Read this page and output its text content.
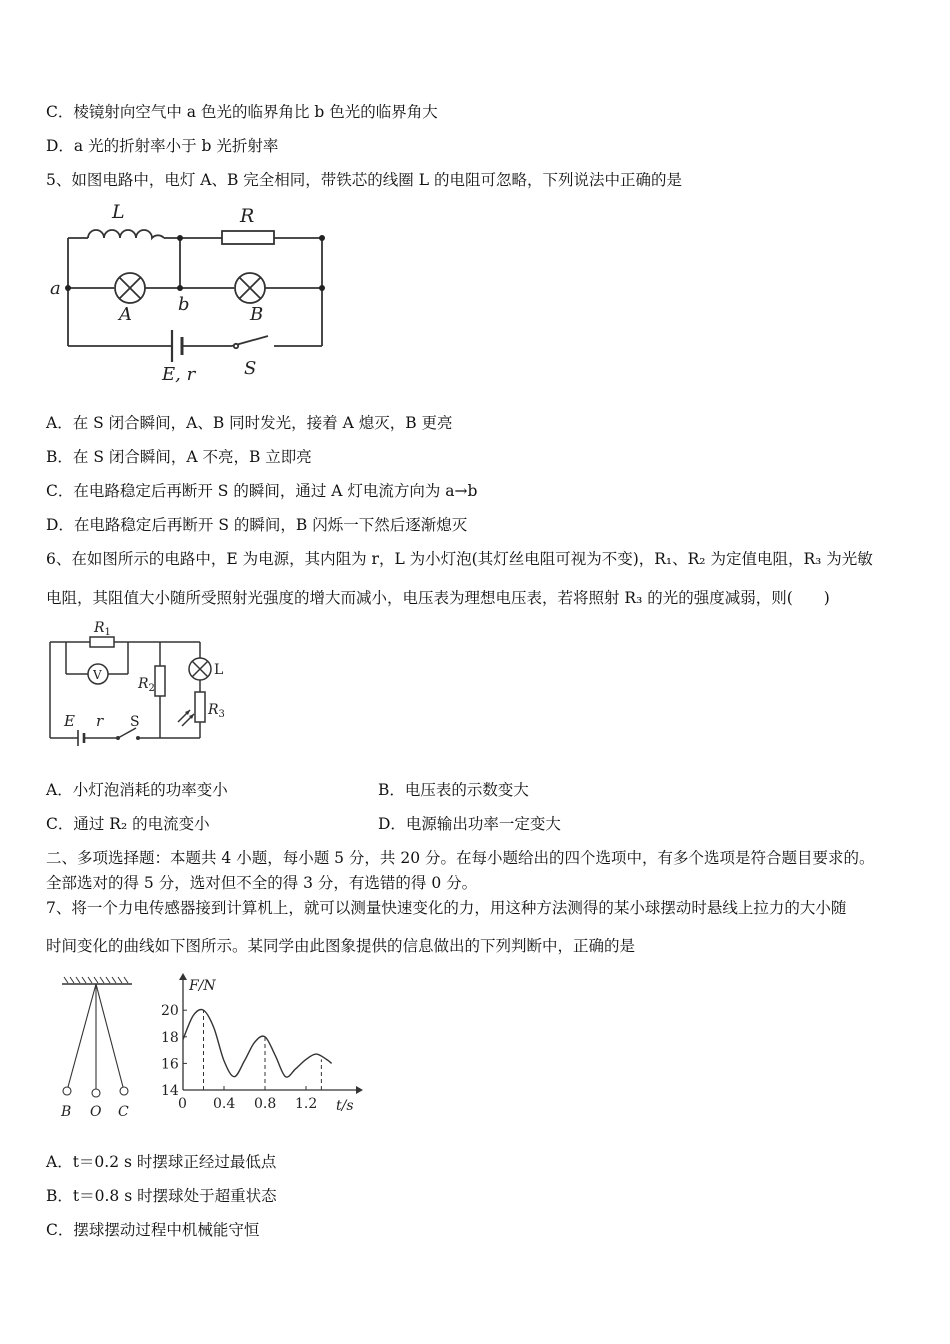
C．棱镜射向空气中 a 色光的临界角比 b 色光的临界角大
D．a 光的折射率小于 b 光折射率
5、如图电路中，电灯 A、B 完全相同，带铁芯的线圈 L 的电阻可忽略，下列说法中正确的是
L	R
a
b
A	B
E, r	S
A．在 S 闭合瞬间，A、B 同时发光，接着 A 熄灭，B 更亮
B．在 S 闭合瞬间，A 不亮，B 立即亮
C．在电路稳定后再断开 S 的瞬间，通过 A 灯电流方向为 a→b
D．在电路稳定后再断开 S 的瞬间，B 闪烁一下然后逐渐熄灭
6、在如图所示的电路中，E 为电源，其内阻为 r，L 为小灯泡(其灯丝电阻可视为不变)，R₁、R₂ 为定值电阻，R₃ 为光敏
电阻，其阻值大小随所受照射光强度的增大而减小，电压表为理想电压表，若将照射 R₃ 的光的强度减弱，则(　　)
$R_1$
V
$R_2$
L
$R_3$
E r S
A．小灯泡消耗的功率变小	B．电压表的示数变大
C．通过 R₂ 的电流变小	D．电源输出功率一定变大
二、多项选择题：本题共 4 小题，每小题 5 分，共 20 分。在每小题给出的四个选项中，有多个选项是符合题目要求的。
全部选对的得 5 分，选对但不全的得 3 分，有选错的得 0 分。
7、将一个力电传感器接到计算机上，就可以测量快速变化的力，用这种方法测得的某小球摆动时悬线上拉力的大小随
时间变化的曲线如下图所示。某同学由此图象提供的信息做出的下列判断中，正确的是
B O C
F/N
t/s
14
16
18
20
0 0.4 0.8 1.2
A．t＝0.2 s 时摆球正经过最低点
B．t＝0.8 s 时摆球处于超重状态
C．摆球摆动过程中机械能守恒
